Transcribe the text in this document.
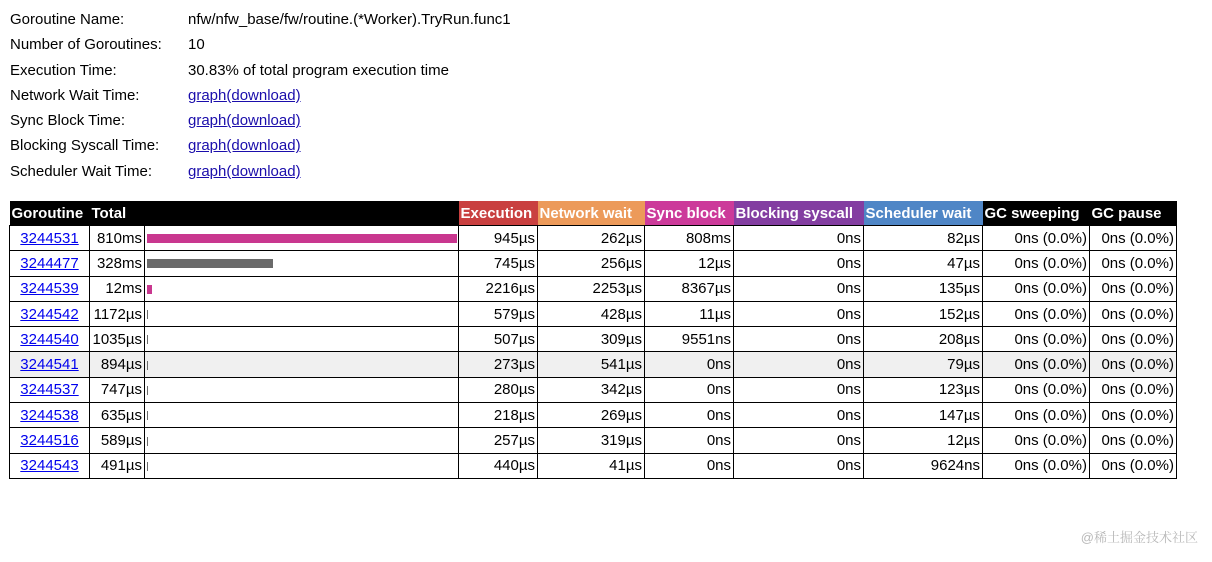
Goroutine Name:	nfw/nfw_base/fw/routine.(*Worker).TryRun.func1
Number of Goroutines: 10
Execution Time:	30.83% of total program execution time
Network Wait Time:	graph(download)
Sync Block Time:	graph(download)
Blocking Syscall Time: graph(download)
Scheduler Wait Time: graph(download)
Goroutine	Total		Execution	Network wait	Sync block	Blocking syscall	Scheduler wait	GC sweeping	GC pause
3244531	810ms		945µs	262µs	808ms	0ns	82µs	0ns (0.0%)	0ns (0.0%)
3244477	328ms		745µs	256µs	12µs	0ns	47µs	0ns (0.0%)	0ns (0.0%)
3244539	12ms		2216µs	2253µs	8367µs	0ns	135µs	0ns (0.0%)	0ns (0.0%)
3244542	1172µs		579µs	428µs	11µs	0ns	152µs	0ns (0.0%)	0ns (0.0%)
3244540	1035µs		507µs	309µs	9551ns	0ns	208µs	0ns (0.0%)	0ns (0.0%)
3244541	894µs		273µs	541µs	0ns	0ns	79µs	0ns (0.0%)	0ns (0.0%)
3244537	747µs		280µs	342µs	0ns	0ns	123µs	0ns (0.0%)	0ns (0.0%)
3244538	635µs		218µs	269µs	0ns	0ns	147µs	0ns (0.0%)	0ns (0.0%)
3244516	589µs		257µs	319µs	0ns	0ns	12µs	0ns (0.0%)	0ns (0.0%)
3244543	491µs		440µs	41µs	0ns	0ns	9624ns	0ns (0.0%)	0ns (0.0%)
@稀土掘金技术社区
